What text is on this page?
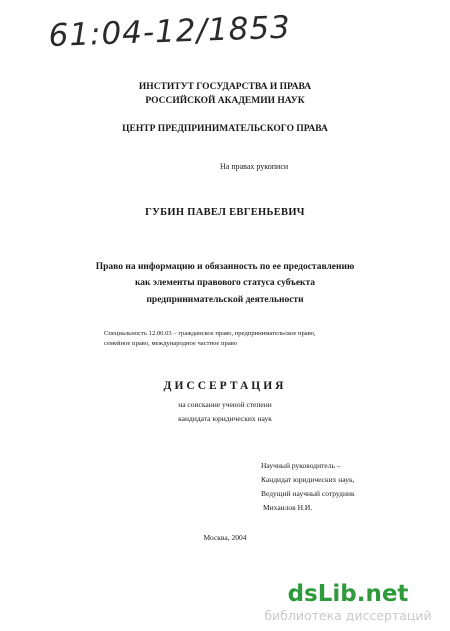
61:04-12/1853
ИНСТИТУТ ГОСУДАРСТВА И ПРАВА
РОССИЙСКОЙ АКАДЕМИИ НАУК
ЦЕНТР ПРЕДПРИНИМАТЕЛЬСКОГО ПРАВА
На правах рукописи
ГУБИН ПАВЕЛ ЕВГЕНЬЕВИЧ
Право на информацию и обязанность по ее предоставлению
как элементы правового статуса субъекта
предпринимательской деятельности
Специальность 12.00.03 – гражданское право, предпринимательское право,
семейное право, международное частное право
ДИССЕРТАЦИЯ
на соискание ученой степени
кандидата юридических наук
Научный руководитель –
Кандидат юридических наук,
Ведущий научный сотрудник
Михаилов Н.И.
Москва, 2004
dsLib.net
библиотека диссертаций
